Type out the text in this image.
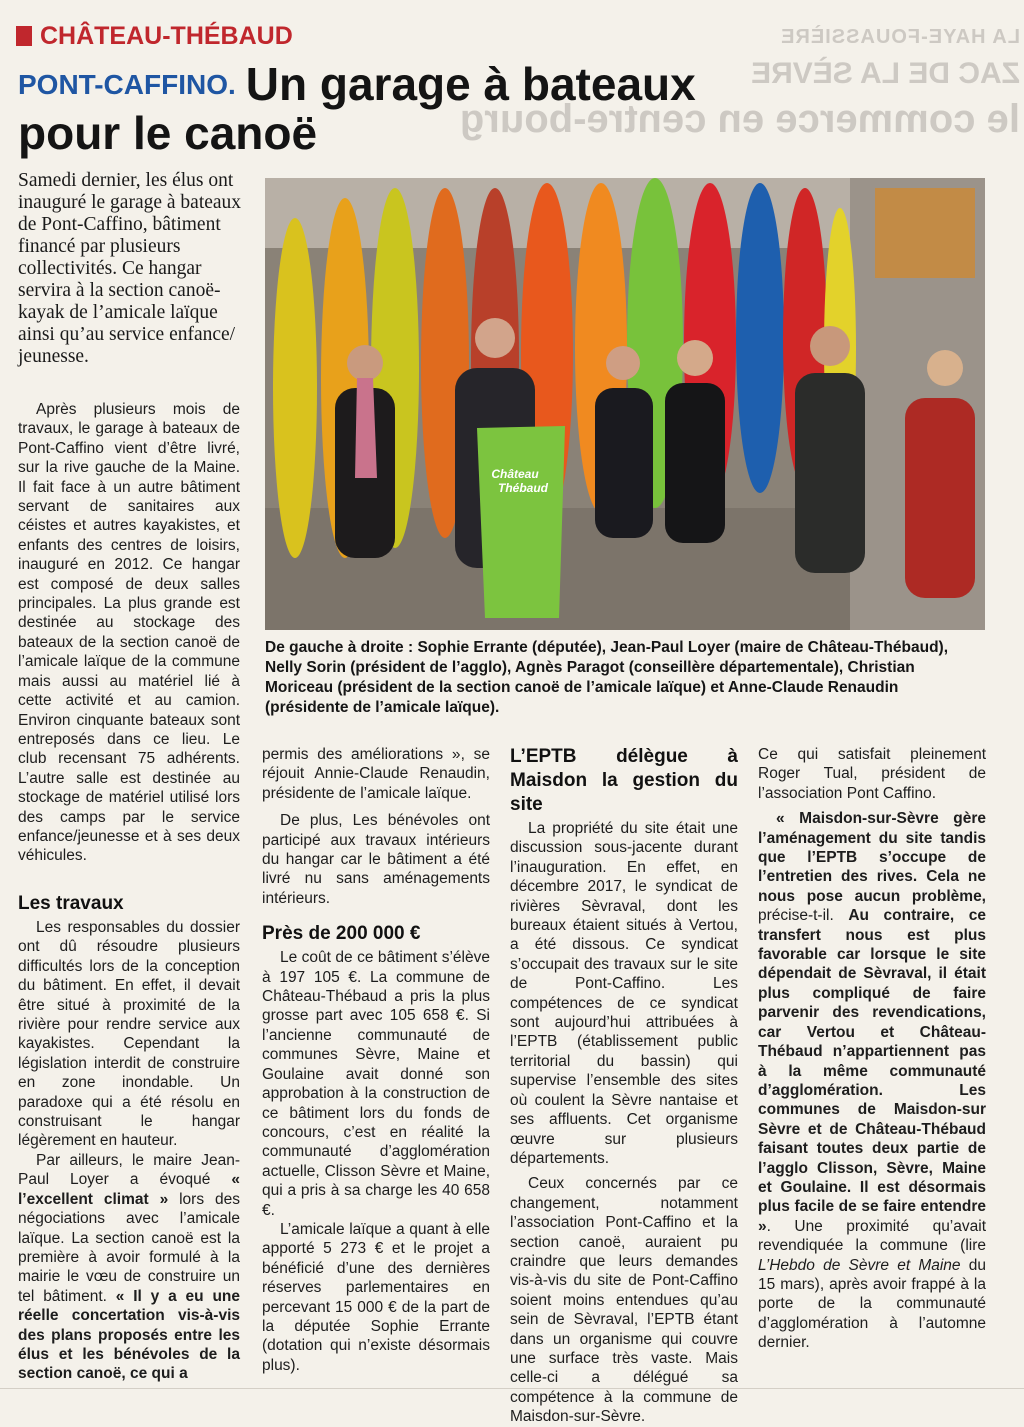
LA HAYE-FOUASSIÈRE
ZAC DE LA SÈVRE
le commerce en centre-bourg
CHÂTEAU-THÉBAUD
PONT-CAFFINO. Un garage à bateaux pour le canoë
Samedi dernier, les élus ont inauguré le garage à bateaux de Pont-Caffino, bâtiment financé par plusieurs collectivités. Ce hangar servira à la section canoë-kayak de l’amicale laïque ainsi qu’au service enfance/ jeunesse.
Château
Thébaud
De gauche à droite : Sophie Errante (députée), Jean-Paul Loyer (maire de Château-Thébaud), Nelly Sorin (président de l’agglo), Agnès Paragot (conseillère départementale), Christian Moriceau (président de la section canoë de l’amicale laïque) et Anne-Claude Renaudin (présidente de l’amicale laïque).

Après plusieurs mois de travaux, le garage à bateaux de Pont-Caffino vient d’être livré, sur la rive gauche de la Maine. Il fait face à un autre bâtiment servant de sanitaires aux céistes et autres kayakistes, et enfants des centres de loisirs, inauguré en 2012. Ce hangar est composé de deux salles principales. La plus grande est destinée au stockage des bateaux de la section canoë de l’amicale laïque de la commune mais aussi au matériel lié à cette activité et au camion. Environ cinquante bateaux sont entreposés dans ce lieu. Le club recensant 75 adhérents. L’autre salle est destinée au stockage de matériel utilisé lors des camps par le service enfance/jeunesse et à ses deux véhicules.

Les travaux

Les responsables du dossier ont dû résoudre plusieurs difficultés lors de la conception du bâtiment. En effet, il devait être situé à proximité de la rivière pour rendre service aux kayakistes. Cependant la législation interdit de construire en zone inondable. Un paradoxe qui a été résolu en construisant le hangar légèrement en hauteur.

Par ailleurs, le maire Jean-Paul Loyer a évoqué « l’excellent climat » lors des négociations avec l’amicale laïque. La section canoë est la première à avoir formulé à la mairie le vœu de construire un tel bâtiment. « Il y a eu une réelle concertation vis-à-vis des plans proposés entre les élus et les bénévoles de la section canoë, ce qui a

permis des améliorations », se réjouit Annie-Claude Renaudin, présidente de l’amicale laïque.

De plus, Les bénévoles ont participé aux travaux intérieurs du hangar car le bâtiment a été livré nu sans aménagements intérieurs.

Près de 200 000 €

Le coût de ce bâtiment s’élève à 197 105 €. La commune de Château-Thébaud a pris la plus grosse part avec 105 658 €. Si l’ancienne communauté de communes Sèvre, Maine et Goulaine avait donné son approbation à la construction de ce bâtiment lors du fonds de concours, c’est en réalité la communauté d’agglomération actuelle, Clisson Sèvre et Maine, qui a pris à sa charge les 40 658 €.

L’amicale laïque a quant à elle apporté 5 273 € et le projet a bénéficié d’une des dernières réserves parlementaires en percevant 15 000 € de la part de la députée Sophie Errante (dotation qui n’existe désormais plus).

L’EPTB délègue à Maisdon la gestion du site

La propriété du site était une discussion sous-jacente durant l’inauguration. En effet, en décembre 2017, le syndicat de rivières Sèvraval, dont les bureaux étaient situés à Vertou, a été dissous. Ce syndicat s’occupait des travaux sur le site de Pont-Caffino. Les compétences de ce syndicat sont aujourd’hui attribuées à l’EPTB (établissement public territorial du bassin) qui supervise l’ensemble des sites où coulent la Sèvre nantaise et ses affluents. Cet organisme œuvre sur plusieurs départements.

Ceux concernés par ce changement, notamment l’association Pont-Caffino et la section canoë, auraient pu craindre que leurs demandes vis-à-vis du site de Pont-Caffino soient moins entendues qu’au sein de Sèvraval, l’EPTB étant dans un organisme qui couvre une surface très vaste. Mais celle-ci a délégué sa compétence à la commune de Maisdon-sur-Sèvre.

Ce qui satisfait pleinement Roger Tual, président de l’association Pont Caffino.

« Maisdon-sur-Sèvre gère l’aménagement du site tandis que l’EPTB s’occupe de l’entretien des rives. Cela ne nous pose aucun problème, précise-t-il. Au contraire, ce transfert nous est plus favorable car lorsque le site dépendait de Sèvraval, il était plus compliqué de faire parvenir des revendications, car Vertou et Château-Thébaud n’appartiennent pas à la même communauté d’agglomération. Les communes de Maisdon-sur Sèvre et de Château-Thébaud faisant toutes deux partie de l’agglo Clisson, Sèvre, Maine et Goulaine. Il est désormais plus facile de se faire entendre ». Une proximité qu’avait revendiquée la commune (lire L’Hebdo de Sèvre et Maine du 15 mars), après avoir frappé à la porte de la communauté d’agglomération à l’automne dernier.
